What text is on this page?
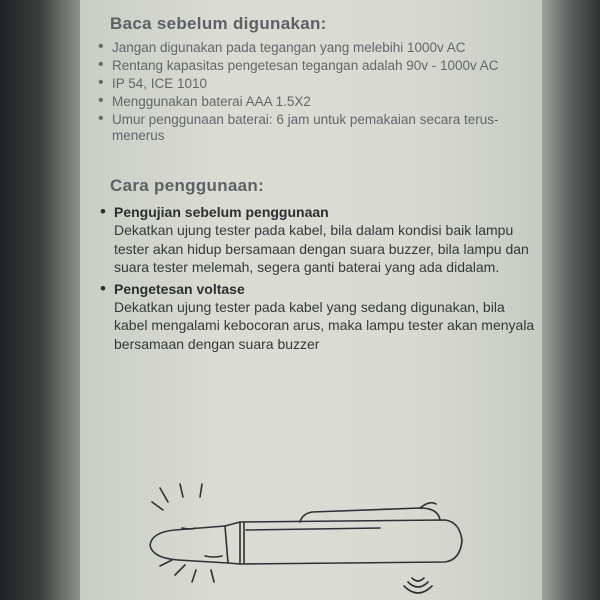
Baca sebelum digunakan:
• Jangan digunakan pada tegangan yang melebihi 1000v AC
• Rentang kapasitas pengetesan tegangan adalah 90v - 1000v AC
• IP 54, ICE 1010
• Menggunakan baterai AAA 1.5X2
• Umur penggunaan baterai: 6 jam untuk pemakaian secara terus-menerus
Cara penggunaan:
• Pengujian sebelum penggunaan
Dekatkan ujung tester pada kabel, bila dalam kondisi baik lampu tester akan hidup bersamaan dengan suara buzzer, bila lampu dan suara tester melemah, segera ganti baterai yang ada didalam.
• Pengetesan voltase
Dekatkan ujung tester pada kabel yang sedang digunakan, bila kabel mengalami kebocoran arus, maka lampu tester akan menyala bersamaan dengan suara buzzer
